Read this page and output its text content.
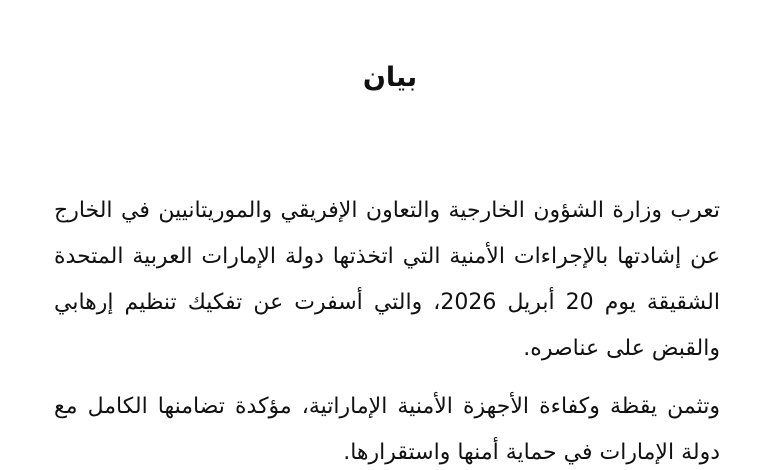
بيان

تعرب وزارة الشؤون الخارجية والتعاون الإفريقي والموريتانيين في الخارج عن إشادتها بالإجراءات الأمنية التي اتخذتها دولة الإمارات العربية المتحدة الشقيقة يوم 20 أبريل 2026، والتي أسفرت عن تفكيك تنظيم إرهابي والقبض على عناصره.

وتثمن يقظة وكفاءة الأجهزة الأمنية الإماراتية، مؤكدة تضامنها الكامل مع دولة الإمارات في حماية أمنها واستقرارها.
